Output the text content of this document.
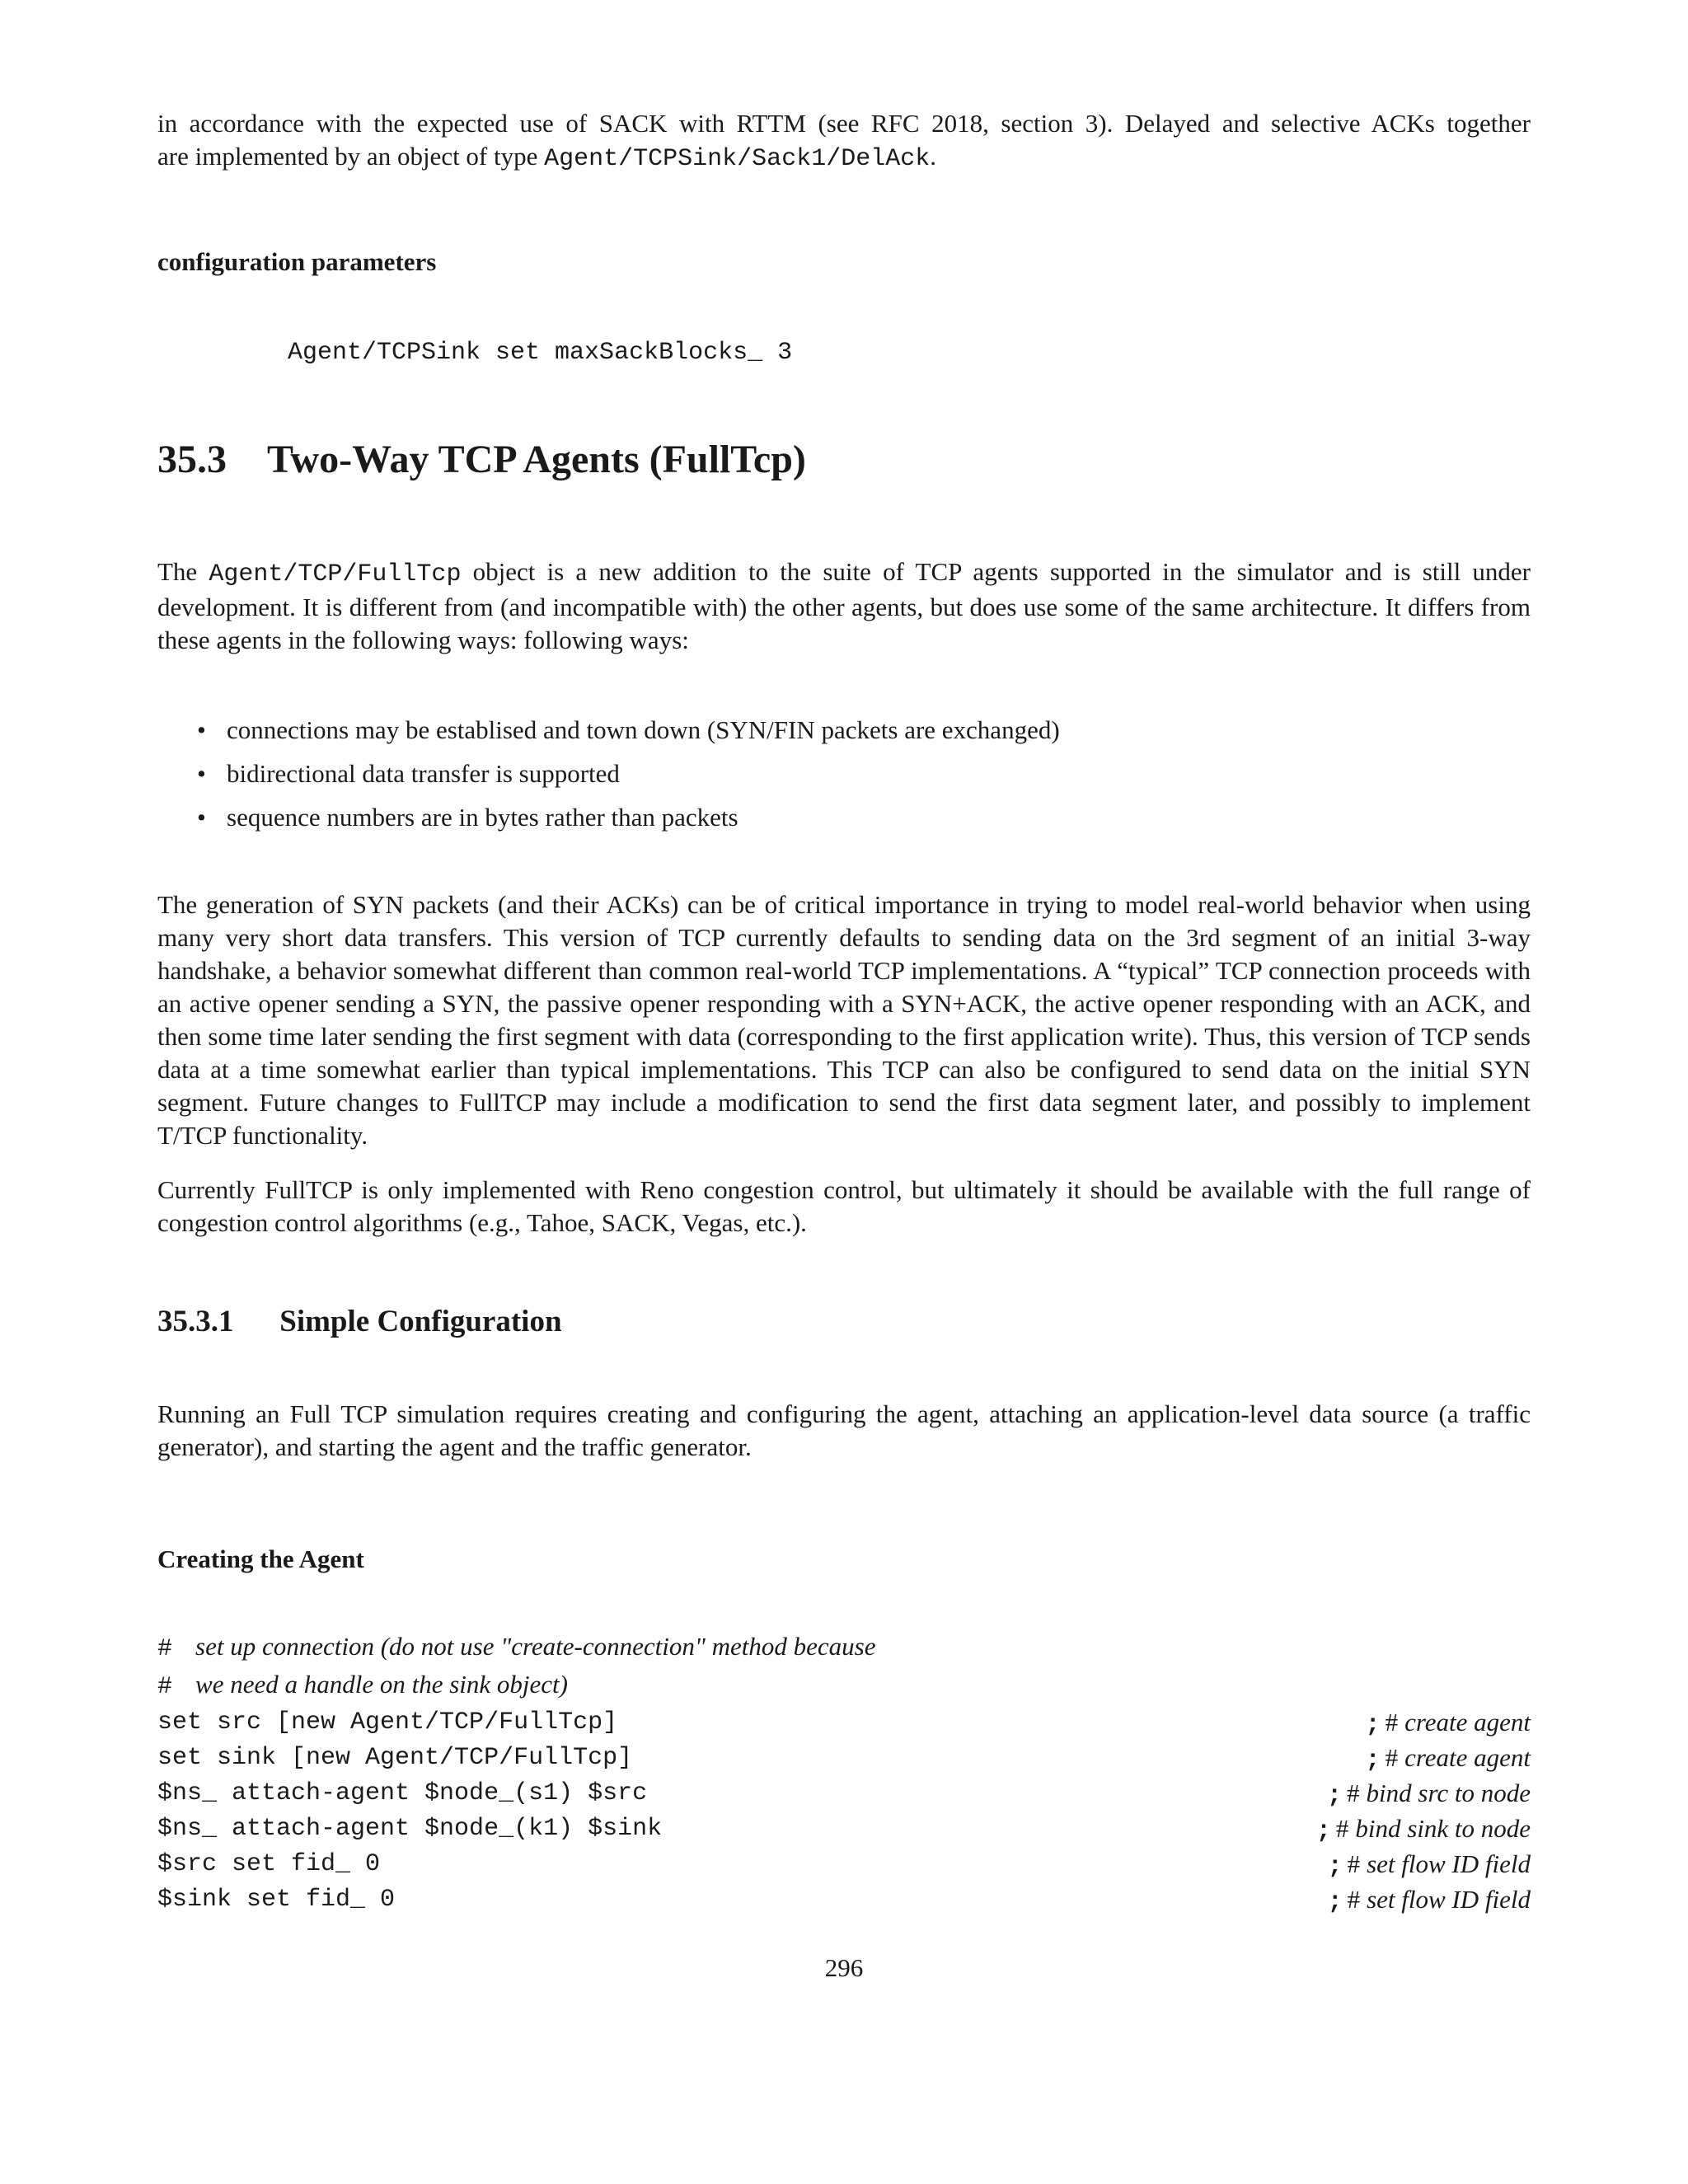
in accordance with the expected use of SACK with RTTM (see RFC 2018, section 3). Delayed and selective ACKs together

are implemented by an object of type Agent/TCPSink/Sack1/DelAck.

configuration parameters
Agent/TCPSink set maxSackBlocks_ 3
35.3	Two-Way TCP Agents (FullTcp)

The Agent/TCP/FullTcp object is a new addition to the suite of TCP agents supported in the simulator and is still under development. It is different from (and incompatible with) the other agents, but does use some of the same architecture. It differs from these agents in the following ways: following ways:

• connections may be establised and town down (SYN/FIN packets are exchanged)
• bidirectional data transfer is supported
• sequence numbers are in bytes rather than packets

The generation of SYN packets (and their ACKs) can be of critical importance in trying to model real-world behavior when using many very short data transfers. This version of TCP currently defaults to sending data on the 3rd segment of an initial 3-way handshake, a behavior somewhat different than common real-world TCP implementations. A “typical” TCP connection proceeds with an active opener sending a SYN, the passive opener responding with a SYN+ACK, the active opener responding with an ACK, and then some time later sending the first segment with data (corresponding to the first application write). Thus, this version of TCP sends data at a time somewhat earlier than typical implementations. This TCP can also be configured to send data on the initial SYN segment. Future changes to FullTCP may include a modification to send the first data segment later, and possibly to implement T/TCP functionality.

Currently FullTCP is only implemented with Reno congestion control, but ultimately it should be available with the full range of congestion control algorithms (e.g., Tahoe, SACK, Vegas, etc.).

35.3.1 Simple Configuration

Running an Full TCP simulation requires creating and configuring the agent, attaching an application-level data source (a traffic generator), and starting the agent and the traffic generator.

Creating the Agent
# set up connection (do not use "create-connection" method because
# we need a handle on the sink object)
set src [new Agent/TCP/FullTcp]	; # create agent
set sink [new Agent/TCP/FullTcp]	; # create agent
$ns_ attach-agent $node_(s1) $src	; # bind src to node
$ns_ attach-agent $node_(k1) $sink	; # bind sink to node
$src set fid_ 0	; # set flow ID field
$sink set fid_ 0	; # set flow ID field
296
